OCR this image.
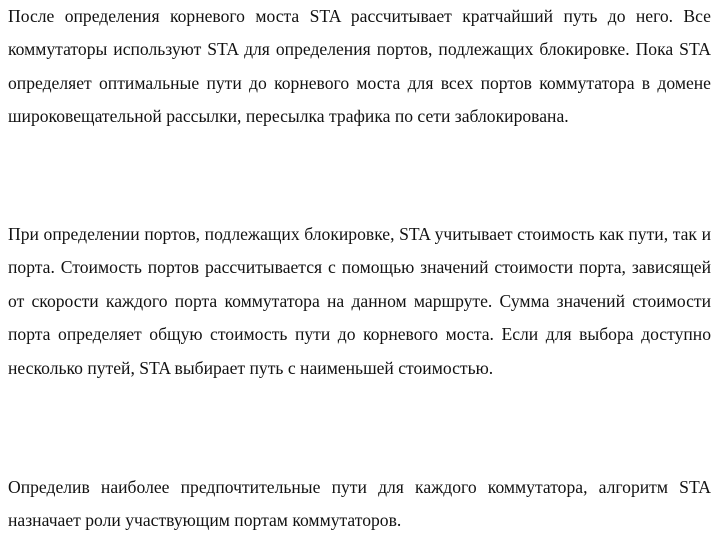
После определения корневого моста STA рассчитывает кратчайший путь до него. Все коммутаторы используют STA для определения портов, подлежащих блокировке. Пока STA определяет оптимальные пути до корневого моста для всех портов коммутатора в домене широковещательной рассылки, пересылка трафика по сети заблокирована.

При определении портов, подлежащих блокировке, STA учитывает стоимость как пути, так и порта. Стоимость портов рассчитывается с помощью значений стоимости порта, зависящей от скорости каждого порта коммутатора на данном маршруте. Сумма значений стоимости порта определяет общую стоимость пути до корневого моста. Если для выбора доступно несколько путей, STA выбирает путь с наименьшей стоимостью.

Определив наиболее предпочтительные пути для каждого коммутатора, алгоритм STA назначает роли участвующим портам коммутаторов.
